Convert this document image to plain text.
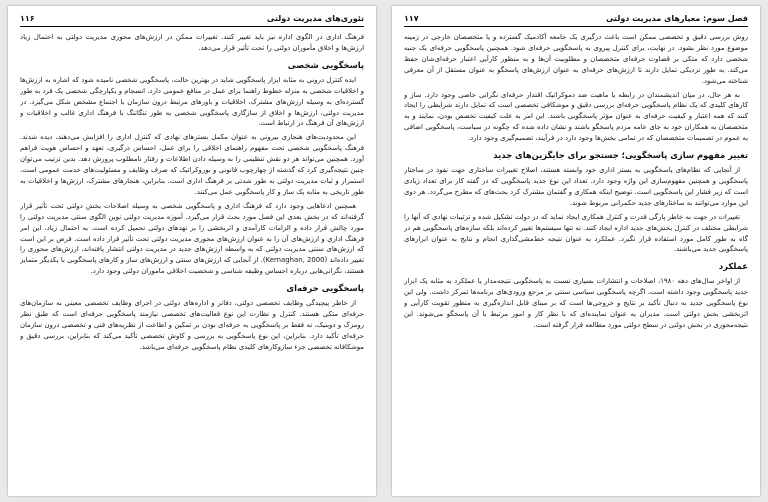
تئوری‌های مدیریت دولتی
۱۱۶

فرهنگ اداری در الگوی اداره نیز باید تغییر کنند. تغییرات ممکن در ارزش‌های محوری مدیریت دولتی به احتمال زیاد ارزش‌ها و اخلاق مأموران دولتی را تحت تأثیر قرار می‌دهد.

پاسخگویی شخصی

ایده کنترل درونی به مثابه ابزار پاسخگویی شاید در بهترین حالت، پاسخگویی شخصی نامیده شود که اشاره به ارزش‌ها و اخلاقیات شخصی به منزله خطوط راهنما برای عمل در منافع عمومی دارد. انسجام و یکپارچگی شخصی یک فرد به طور گسترده‌ای به وسیله ارزش‌های مشترک، اخلاقیات و باورهای مرتبط درون سازمان با اجتماع مشخص شکل می‌گیرد. در مدیریت دولتی، ارزش‌ها و اخلاق از سازگاری پاسخگویی شخصی به طور تنگاتنگ با فرهنگ اداری غالب و اخلاقیات و ارزش‌های آن فرهنگ در ارتباط است.

این محدودیت‌های هنجاری بیرونی به عنوان مکمل بسترهای نهادی که کنترل اداری را افزایش می‌دهند، دیده شدند. فرهنگ پاسخگویی شخصی تحت مفهوم راهنمای اخلاقی را برای عمل، احساس درگیری، تعهد و احساس هویت فراهم آورد. همچنین می‌تواند هر دو نقش تنظیمی را به وسیله دادن اطلاعات و رفتار نامطلوب پرورش دهد. بدین ترتیب می‌توان چنین نتیجه‌گیری کرد که گذشته از چهارچوب قانونی و بوروکراتیک که صرف وظایف و مسئولیت‌های خدمت عمومی است، استمرار و ثبات مدیریت دولتی به طور شدتی بر فرهنگ اداری است. بنابراین، هنجارهای مشترک، ارزش‌ها و اخلاقیات به طور تاریخی به مثابه یک ساز و کار پاسخگویی عمل می‌کنند.

همچنین ادعاهایی وجود دارد که فرهنگ اداری و پاسخگویی شخصی به وسیله اصلاحات بخش دولتی تحت تأثیر قرار گرفته‌اند که در بخش بعدی این فصل مورد بحث قرار می‌گیرد. آموزه مدیریت دولتی نوین الگوی سنتی مدیریت دولتی را مورد چالش قرار داده و الزامات کارآمدی و اثربخشی را بر تهدهای دولتی تحمیل کرده است. به احتمال زیاد، این امر فرهنگ اداری و ارزش‌های آن را به عنوان ارزش‌های محوری مدیریت دولتی تحت تأثیر قرار داده است. فرض بر این است که ارزش‌های سنتی مدیریت دولتی که به واسطه ارزش‌های جدید در مدیریت دولتی انتشار یافته‌اند، ارزش‌های محوری را تغییر داده‌اند (Kernaghan, 2000). از آنجایی که ارزش‌های سنتی و ارزش‌های ساز و کارهای پاسخگویی با یکدیگر متمایز هستند، نگرانی‌هایی درباره احساس وظیفه شناسی و شخصیت اخلاقی ماموران دولتی وجود دارد.

پاسخگویی حرفه‌ای

از خاطر پیچیدگی وظایف تخصصی دولتی، دفاتر و اداره‌های دولتی در اجرای وظایف تخصصی معینی به سازمان‌های حرفه‌ای متکی هستند. کنترل و نظارت این نوع فعالیت‌های تخصصی نیازمند پاسخگویی حرفه‌ای است که طبق نظر رومزک و دوبنیک، نه فقط بر پاسخگویی به حرفه‌ای بودن بر تمکین و اطاعت از نظریه‌های فنی و تخصصی درون سازمان حرفه‌ای تأکید دارد. بنابراین، این نوع پاسخگویی به بررسی و کاوش تخصصی تأکید می‌کند که بنابراین، بررسی دقیق و موشکافانه تخصصی جزء سازوکارهای کلیدی نظام پاسخگویی حرفه‌ای می‌باشد.

فصل سوم: معیارهای مدیریت دولتی
۱۱۷

روش بررسی دقیق و تخصصی ممکن است باعث درگیری یک جامعه آکادمیک گسترده و یا متخصصان خارجی در زمینه موضوع مورد نظر بشود. در نهایت، برای کنترل پیروی به پاسخگویی حرفه‌ای شود. همچنین پاسخگویی حرفه‌ای یک جنبه شخصی دارد که متکی بر قضاوت حرفه‌ای متخصصان و مطلوبیت آن‌ها و به منظور کارآیی اعتبار حرفه‌ای‌شان حفظ می‌کند. به طور نزدیکی تمایل دارند تا ارزش‌های حرفه‌ای به عنوان ارزش‌های پاسخگو به عنوان مستقل از آن معرفی شناخته می‌شود.

به هر حال، در میان اندیشمندان در رابطه با ماهیت ضد دموکراتیک اقتدار حرفه‌ای نگرانی خاصی وجود دارد. ساز و کارهای کلیدی که یک نظام پاسخگویی حرفه‌ای بررسی دقیق و موشکافی تخصصی است که تمایل دارند شرایطی را ایجاد کنند که همه اعتبار و کیفیت حرفه‌ای به عنوان مؤثر پاسخگویی باشند. این امر به علت کیفیت تخصص بودن، نمایند و به متخصصان به همکاران خود به جای عامه مردم پاسخگو باشند و نشان داده شده که چگونه در سیاست، پاسخگویی اضافی به عموم در تصمیمات متخصصان که در تمامی بخش‌ها وجود دارد در فرآیند، تصمیم‌گیری وجود دارد.

تغییر مفهوم سازی پاسخگویی؛ جستجو برای جایگزین‌های جدید

از آنجایی که نظام‌های پاسخگویی به بستر اداری خود وابسته هستند، اصلاح تغییرات ساختاری جهت نفوذ در ساختار پاسخگویی و همچنین مفهوم‌سازی این واژه وجود دارد. تعداد این نوع جدید پاسخگویی که در گفته کار برای تعداد زیادی است که زیر فشار این پاسخگویی است. توضیح اینکه همکاری و گفتمان مشترک کرد بحث‌های که مطرح می‌گردد. هر دوی این موارد می‌توانند به ساختارهای جدید حکمرانی مربوط شوند.

تغییرات در جهت به خاطر پارگی قدرت و کنترل همکاری ایجاد نماید که در دولت تشکیل شده و ترتیبات نهادی که آنها را شرایطی مختلف در کنترل بخش‌های جدید اداره ایجاد کنند. نه تنها سیستم‌ها تغییر کرده‌اند بلکه سازه‌های پاسخگویی هم در گاه به طور کامل مورد استفاده قرار نگیرد. عملکرد به عنوان نتیجه خط‌مشی‌گذاری انجام و نتایج به عنوان ابزارهای پاسخگویی جدید می‌باشند.

عملکرد

از اواخر سال‌های دهه ۱۹۸۰، اصلاحات و انتشارات بسیاری نسبت به پاسخگویی نتیجه‌مدار یا عملکرد به مثابه یک ابزار جدید پاسخگویی وجود داشته است. اگرچه پاسخگویی سیاسی سنتی بر مرجع ورودی‌های برنامه‌ها تمرکز داشت. ولی این نوع پاسخگویی جدید به دنبال تأکید بر نتایج و خروجی‌ها است که بر مبنای قابل اندازه‌گیری به منظور تقویت کارآیی و اثربخشی بخش دولتی است. مدیران به عنوان نماینده‌ای که با نظر کار و امور مرتبط با آن پاسخگو می‌شوند. این نتیجه‌محوری در بخش دولتی در سطح دولتی مورد مطالعه قرار گرفته است.
